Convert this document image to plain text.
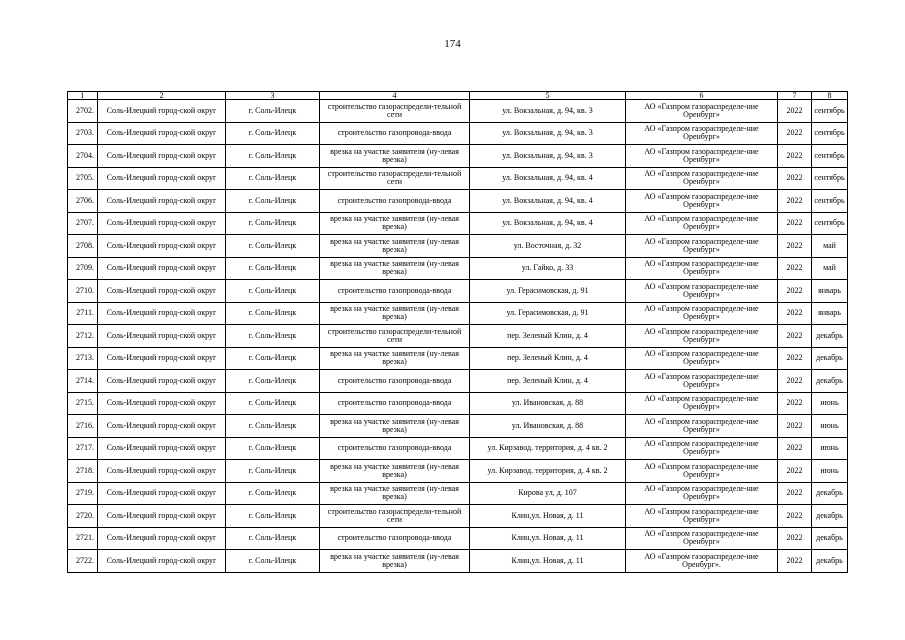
174
1	2	3	4	5	6	7	8
2702.	Соль-Илецкий город-ской округ	г. Соль-Илецк	строительство газораспредели-тельной сети	ул. Вокзальная, д. 94, кв. 3	АО «Газпром газораспределе-ние Оренбург»	2022	сентябрь
2703.	Соль-Илецкий город-ской округ	г. Соль-Илецк	строительство газопровода-ввода	ул. Вокзальная, д. 94, кв. 3	АО «Газпром газораспределе-ние Оренбург»	2022	сентябрь
2704.	Соль-Илецкий город-ской округ	г. Соль-Илецк	врезка на участке заявителя (ну-левая врезка)	ул. Вокзальная, д. 94, кв. 3	АО «Газпром газораспределе-ние Оренбург»	2022	сентябрь
2705.	Соль-Илецкий город-ской округ	г. Соль-Илецк	строительство газораспредели-тельной сети	ул. Вокзальная, д. 94, кв. 4	АО «Газпром газораспределе-ние Оренбург»	2022	сентябрь
2706.	Соль-Илецкий город-ской округ	г. Соль-Илецк	строительство газопровода-ввода	ул. Вокзальная, д. 94, кв. 4	АО «Газпром газораспределе-ние Оренбург»	2022	сентябрь
2707.	Соль-Илецкий город-ской округ	г. Соль-Илецк	врезка на участке заявителя (ну-левая врезка)	ул. Вокзальная, д. 94, кв. 4	АО «Газпром газораспределе-ние Оренбург»	2022	сентябрь
2708.	Соль-Илецкий город-ской округ	г. Соль-Илецк	врезка на участке заявителя (ну-левая врезка)	ул. Восточная, д. 32	АО «Газпром газораспределе-ние Оренбург»	2022	май
2709.	Соль-Илецкий город-ской округ	г. Соль-Илецк	врезка на участке заявителя (ну-левая врезка)	ул. Гайко, д. 33	АО «Газпром газораспределе-ние Оренбург»	2022	май
2710.	Соль-Илецкий город-ской округ	г. Соль-Илецк	строительство газопровода-ввода	ул. Герасимовская, д. 91	АО «Газпром газораспределе-ние Оренбург»	2022	январь
2711.	Соль-Илецкий город-ской округ	г. Соль-Илецк	врезка на участке заявителя (ну-левая врезка)	ул. Герасимовская, д. 91	АО «Газпром газораспределе-ние Оренбург»	2022	январь
2712.	Соль-Илецкий город-ской округ	г. Соль-Илецк	строительство газораспредели-тельной сети	пер. Зеленый Клин, д. 4	АО «Газпром газораспределе-ние Оренбург»	2022	декабрь
2713.	Соль-Илецкий город-ской округ	г. Соль-Илецк	врезка на участке заявителя (ну-левая врезка)	пер. Зеленый Клин, д. 4	АО «Газпром газораспределе-ние Оренбург»	2022	декабрь
2714.	Соль-Илецкий город-ской округ	г. Соль-Илецк	строительство газопровода-ввода	пер. Зеленый Клин, д. 4	АО «Газпром газораспределе-ние Оренбург»	2022	декабрь
2715.	Соль-Илецкий город-ской округ	г. Соль-Илецк	строительство газопровода-ввода	ул. Ивановская, д. 88	АО «Газпром газораспределе-ние Оренбург»	2022	июнь
2716.	Соль-Илецкий город-ской округ	г. Соль-Илецк	врезка на участке заявителя (ну-левая врезка)	ул. Ивановская, д. 88	АО «Газпром газораспределе-ние Оренбург»	2022	июнь
2717.	Соль-Илецкий город-ской округ	г. Соль-Илецк	строительство газопровода-ввода	ул. Кирзавод. территория, д. 4 кв. 2	АО «Газпром газораспределе-ние Оренбург»	2022	июнь
2718.	Соль-Илецкий город-ской округ	г. Соль-Илецк	врезка на участке заявителя (ну-левая врезка)	ул. Кирзавод. территория, д. 4 кв. 2	АО «Газпром газораспределе-ние Оренбург»	2022	июнь
2719.	Соль-Илецкий город-ской округ	г. Соль-Илецк	врезка на участке заявителя (ну-левая врезка)	Кирова ул, д. 107	АО «Газпром газораспределе-ние Оренбург»	2022	декабрь
2720.	Соль-Илецкий город-ской округ	г. Соль-Илецк	строительство газораспредели-тельной сети	Клин,ул. Новая, д. 11	АО «Газпром газораспределе-ние Оренбург»	2022	декабрь
2721.	Соль-Илецкий город-ской округ	г. Соль-Илецк	строительство газопровода-ввода	Клин,ул. Новая, д. 11	АО «Газпром газораспределе-ние Оренбург»	2022	декабрь
2722.	Соль-Илецкий город-ской округ	г. Соль-Илецк	врезка на участке заявителя (ну-левая врезка)	Клин,ул. Новая, д. 11	АО «Газпром газораспределе-ние Оренбург».	2022	декабрь
